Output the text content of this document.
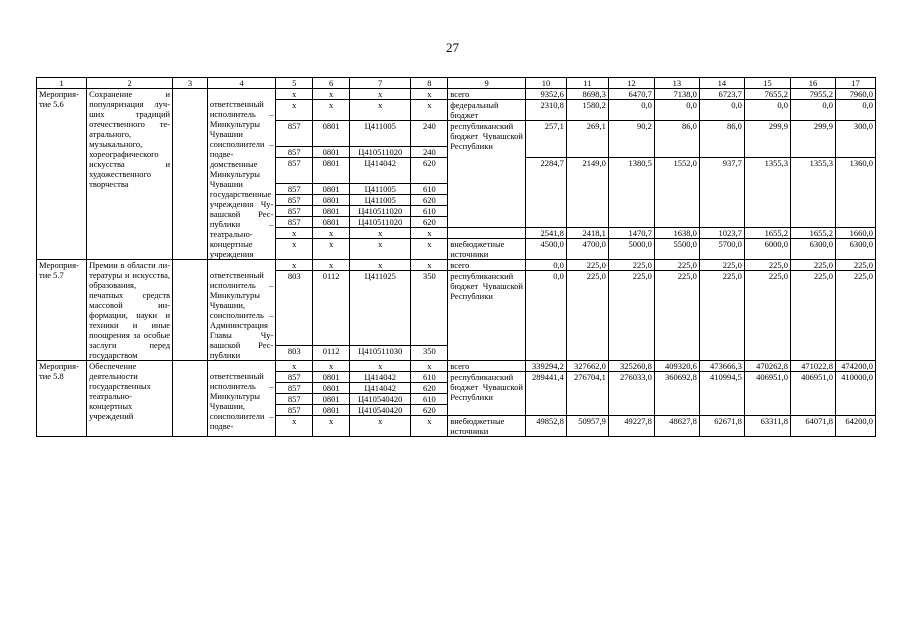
27
1	2	3	4	5	6	7	8	9	10	11	12	13	14	15	16	17
Мероприятие 5.6	Сохранение и популяризация лучших традиций отечественного театрального, музыкального, хореографического искусства и художественного творчества		ответственный исполнитель – Минкультуры Чувашии соисполнители – подведомственные Минкультуры Чувашии государственные учреждения Чувашской Республики – театрально-концертные учреждения	x	x	x	x	всего	9352,6	8698,3	6470,7	7138,0	6723,7	7655,2	7955,2	7960,0
				x	x	x	x	федеральный бюджет	2310,8	1580,2	0,0	0,0	0,0	0,0	0,0	0,0
				857	0801	Ц411005	240	республиканский бюджет Чувашской Республики	257,1	269,1	90,2	86,0	86,0	299,9	299,9	300,0
				857	0801	Ц410511020	240									
				857	0801	Ц414042	620		2284,7	2149,0	1380,5	1552,0	937,7	1355,3	1355,3	1360,0
				857	0801	Ц411005	610									
				857	0801	Ц411005	620									
				857	0801	Ц410511020	610									
				857	0801	Ц410511020	620									
				x	x	x	x		2541,8	2418,1	1470,7	1638,0	1023,7	1655,2	1655,2	1660,0
				x	x	x	x	внебюджетные источники	4500,0	4700,0	5000,0	5500,0	5700,0	6000,0	6300,0	6300,0
Мероприятие 5.7	Премии в области литературы и искусства, образования, печатных средств массовой информации, науки и техники и иные поощрения за особые заслуги перед государством		ответственный исполнитель – Минкультуры Чувашии, соисполнитель – Администрация Главы Чувашской Республики	x	x	x	x	всего	0,0	225,0	225,0	225,0	225,0	225,0	225,0	225,0
				803	0112	Ц411025	350	республиканский бюджет Чувашской Республики	0,0	225,0	225,0	225,0	225,0	225,0	225,0	225,0
				803	0112	Ц410511030	350									
Мероприятие 5.8	Обеспечение деятельности государственных театрально-концертных учреждений		ответственный исполнитель – Минкультуры Чувашии, соисполнители – подве-	x	x	x	x	всего	339294,2	327662,0	325260,8	409320,6	473666,3	470262,8	471022,8	474200,0
				857	0801	Ц414042	610	республиканский бюджет Чувашской Республики	289441,4	276704,1	276033,0	360692,8	410994,5	406951,0	406951,0	410000,0
				857	0801	Ц414042	620									
				857	0801	Ц410540420	610									
				857	0801	Ц410540420	620									
				x	x	x	x	внебюджетные источники	49852,8	50957,9	49227,8	48627,8	62671,8	63311,8	64071,8	64200,0
